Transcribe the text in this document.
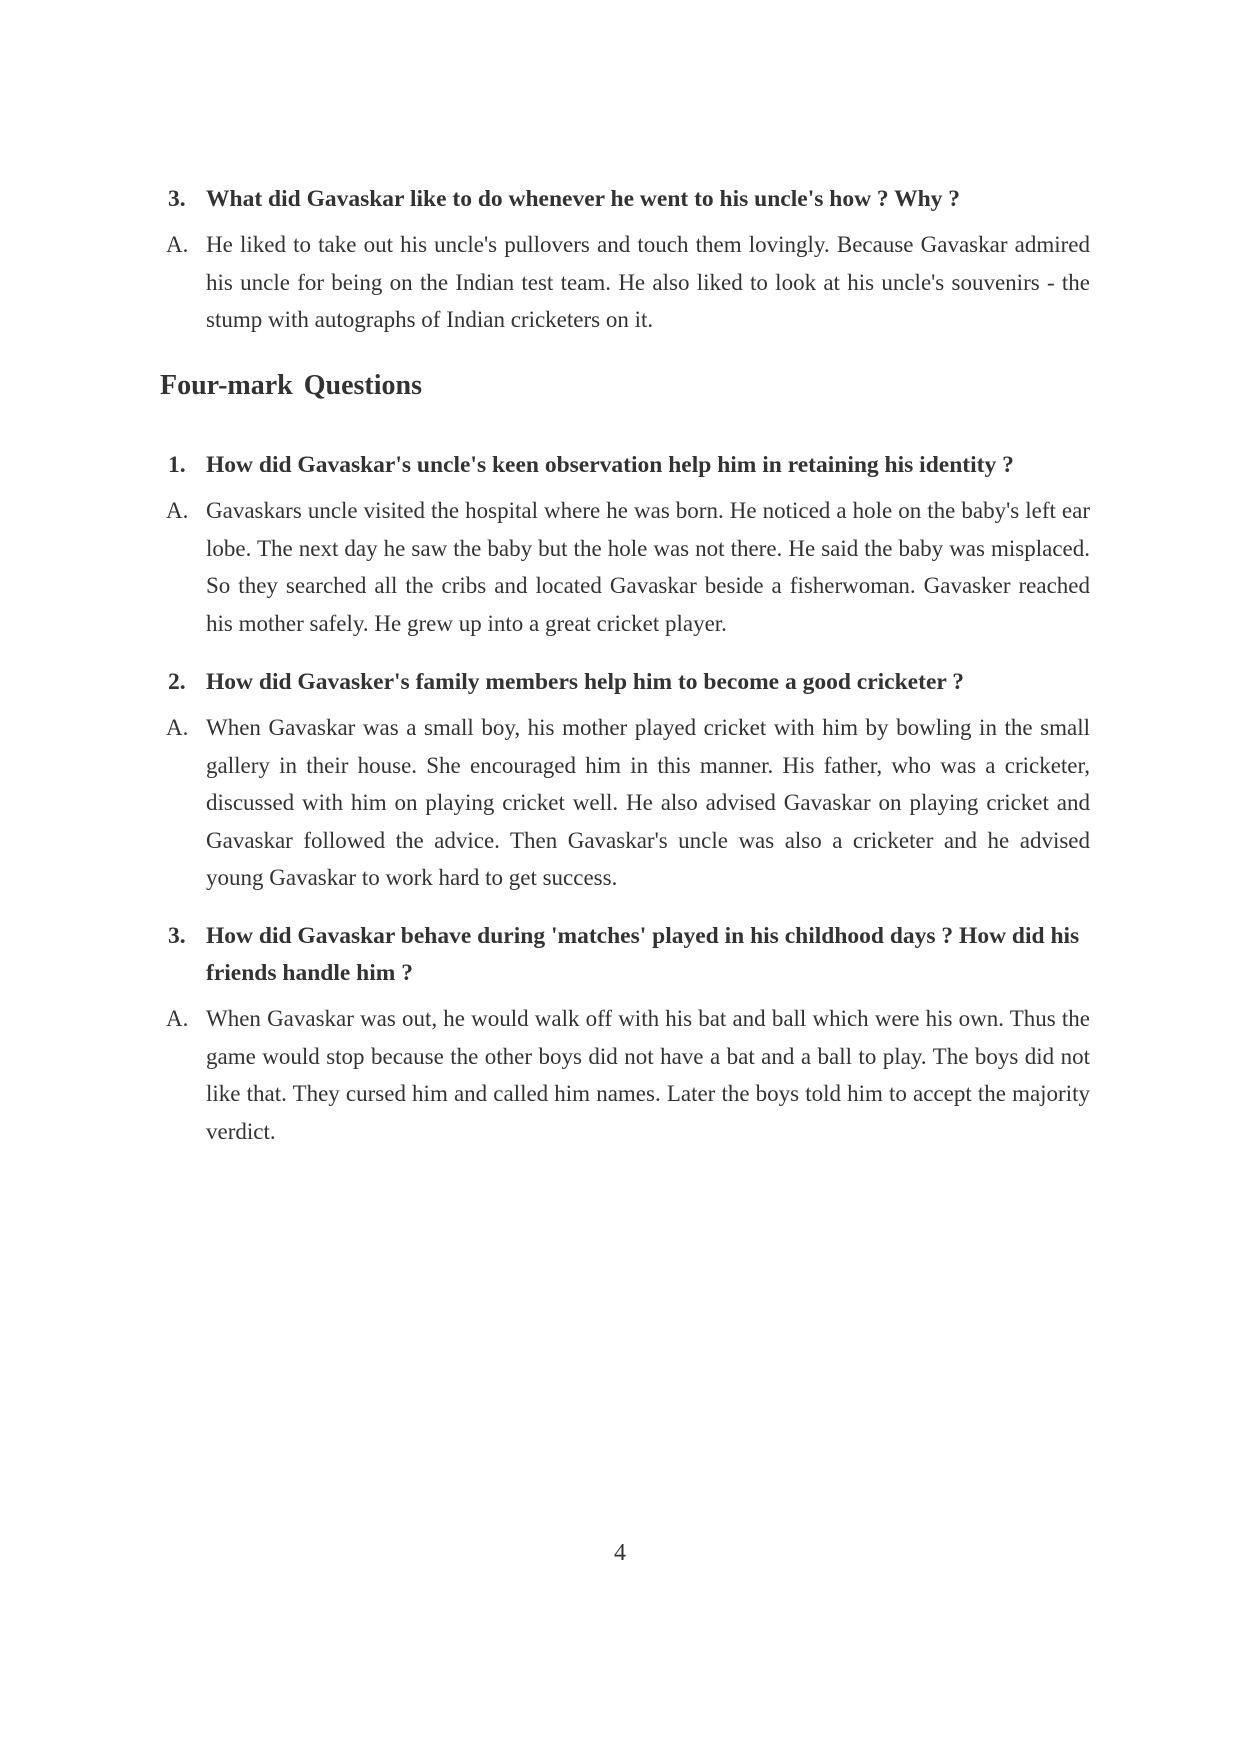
3. What did Gavaskar like to do whenever he went to his uncle's how ? Why ?
A. He liked to take out his uncle's pullovers and touch them lovingly. Because Gavaskar admired his uncle for being on the Indian test team. He also liked to look at his uncle's souvenirs - the stump with autographs of Indian cricketers on it.
Four-mark Questions
1. How did Gavaskar's uncle's keen observation help him in retaining his identity ?
A. Gavaskars uncle visited the hospital where he was born. He noticed a hole on the baby's left ear lobe. The next day he saw the baby but the hole was not there. He said the baby was misplaced. So they searched all the cribs and located Gavaskar beside a fisherwoman. Gavasker reached his mother safely. He grew up into a great cricket player.
2. How did Gavasker's family members help him to become a good cricketer ?
A. When Gavaskar was a small boy, his mother played cricket with him by bowling in the small gallery in their house. She encouraged him in this manner. His father, who was a cricketer, discussed with him on playing cricket well. He also advised Gavaskar on playing cricket and Gavaskar followed the advice. Then Gavaskar's uncle was also a cricketer and he advised young Gavaskar to work hard to get success.
3. How did Gavaskar behave during 'matches' played in his childhood days ? How did his friends handle him ?
A. When Gavaskar was out, he would walk off with his bat and ball which were his own. Thus the game would stop because the other boys did not have a bat and a ball to play. The boys did not like that. They cursed him and called him names. Later the boys told him to accept the majority verdict.
4
